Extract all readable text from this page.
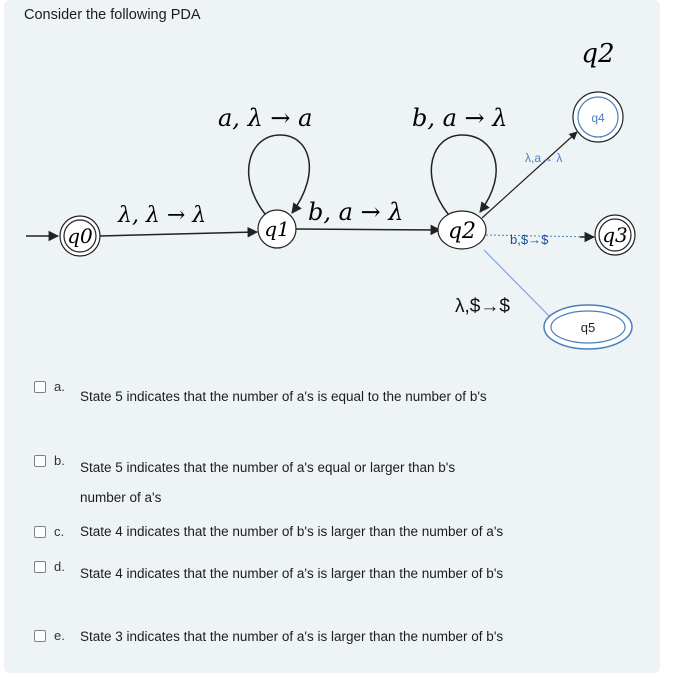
Consider the following PDA
q0
λ, λ → λ
q1
a, λ → a
b, a → λ
q2
b, a → λ
q2
q4
λ,a→ λ
b,$→$	q3
λ,$→$
q5
a.
State 5 indicates that the number of a's is equal to the number of b's
b. State 5 indicates that the number of a's equal or larger than b's
number of a's
c. State 4 indicates that the number of b's is larger than the number of a's
d. State 4 indicates that the number of a's is larger than the number of b's
e. State 3 indicates that the number of a's is larger than the number of b's
